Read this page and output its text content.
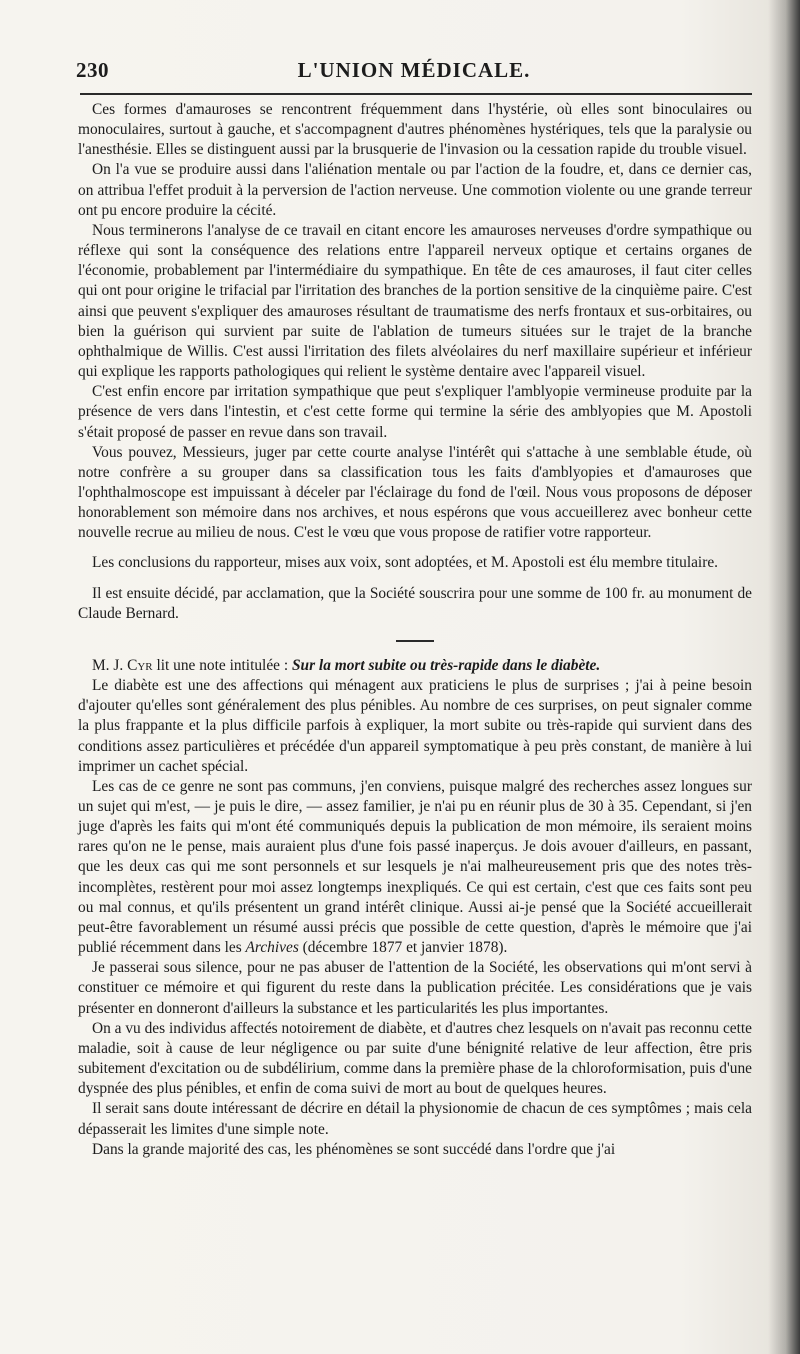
230	L'UNION MÉDICALE.

Ces formes d'amauroses se rencontrent fréquemment dans l'hystérie, où elles sont binoculaires ou monoculaires, surtout à gauche, et s'accompagnent d'autres phénomènes hystériques, tels que la paralysie ou l'anesthésie. Elles se distinguent aussi par la brusquerie de l'invasion ou la cessation rapide du trouble visuel.

On l'a vue se produire aussi dans l'aliénation mentale ou par l'action de la foudre, et, dans ce dernier cas, on attribua l'effet produit à la perversion de l'action nerveuse. Une commotion violente ou une grande terreur ont pu encore produire la cécité.

Nous terminerons l'analyse de ce travail en citant encore les amauroses nerveuses d'ordre sympathique ou réflexe qui sont la conséquence des relations entre l'appareil nerveux optique et certains organes de l'économie, probablement par l'intermédiaire du sympathique. En tête de ces amauroses, il faut citer celles qui ont pour origine le trifacial par l'irritation des branches de la portion sensitive de la cinquième paire. C'est ainsi que peuvent s'expliquer des amauroses résultant de traumatisme des nerfs frontaux et sus-orbitaires, ou bien la guérison qui survient par suite de l'ablation de tumeurs situées sur le trajet de la branche ophthalmique de Willis. C'est aussi l'irritation des filets alvéolaires du nerf maxillaire supérieur et inférieur qui explique les rapports pathologiques qui relient le système dentaire avec l'appareil visuel.

C'est enfin encore par irritation sympathique que peut s'expliquer l'amblyopie vermineuse produite par la présence de vers dans l'intestin, et c'est cette forme qui termine la série des amblyopies que M. Apostoli s'était proposé de passer en revue dans son travail.

Vous pouvez, Messieurs, juger par cette courte analyse l'intérêt qui s'attache à une semblable étude, où notre confrère a su grouper dans sa classification tous les faits d'amblyopies et d'amauroses que l'ophthalmoscope est impuissant à déceler par l'éclairage du fond de l'œil. Nous vous proposons de déposer honorablement son mémoire dans nos archives, et nous espérons que vous accueillerez avec bonheur cette nouvelle recrue au milieu de nous. C'est le vœu que vous propose de ratifier votre rapporteur.

Les conclusions du rapporteur, mises aux voix, sont adoptées, et M. Apostoli est élu membre titulaire.

Il est ensuite décidé, par acclamation, que la Société souscrira pour une somme de 100 fr. au monument de Claude Bernard.

M. J. Cyr lit une note intitulée : Sur la mort subite ou très-rapide dans le diabète.

Le diabète est une des affections qui ménagent aux praticiens le plus de surprises ; j'ai à peine besoin d'ajouter qu'elles sont généralement des plus pénibles. Au nombre de ces surprises, on peut signaler comme la plus frappante et la plus difficile parfois à expliquer, la mort subite ou très-rapide qui survient dans des conditions assez particulières et précédée d'un appareil symptomatique à peu près constant, de manière à lui imprimer un cachet spécial.

Les cas de ce genre ne sont pas communs, j'en conviens, puisque malgré des recherches assez longues sur un sujet qui m'est, — je puis le dire, — assez familier, je n'ai pu en réunir plus de 30 à 35. Cependant, si j'en juge d'après les faits qui m'ont été communiqués depuis la publication de mon mémoire, ils seraient moins rares qu'on ne le pense, mais auraient plus d'une fois passé inaperçus. Je dois avouer d'ailleurs, en passant, que les deux cas qui me sont personnels et sur lesquels je n'ai malheureusement pris que des notes très-incomplètes, restèrent pour moi assez longtemps inexpliqués. Ce qui est certain, c'est que ces faits sont peu ou mal connus, et qu'ils présentent un grand intérêt clinique. Aussi ai-je pensé que la Société accueillerait peut-être favorablement un résumé aussi précis que possible de cette question, d'après le mémoire que j'ai publié récemment dans les Archives (décembre 1877 et janvier 1878).

Je passerai sous silence, pour ne pas abuser de l'attention de la Société, les observations qui m'ont servi à constituer ce mémoire et qui figurent du reste dans la publication précitée. Les considérations que je vais présenter en donneront d'ailleurs la substance et les particularités les plus importantes.

On a vu des individus affectés notoirement de diabète, et d'autres chez lesquels on n'avait pas reconnu cette maladie, soit à cause de leur négligence ou par suite d'une bénignité relative de leur affection, être pris subitement d'excitation ou de subdélirium, comme dans la première phase de la chloroformisation, puis d'une dyspnée des plus pénibles, et enfin de coma suivi de mort au bout de quelques heures.

Il serait sans doute intéressant de décrire en détail la physionomie de chacun de ces symptômes ; mais cela dépasserait les limites d'une simple note.

Dans la grande majorité des cas, les phénomènes se sont succédé dans l'ordre que j'ai
